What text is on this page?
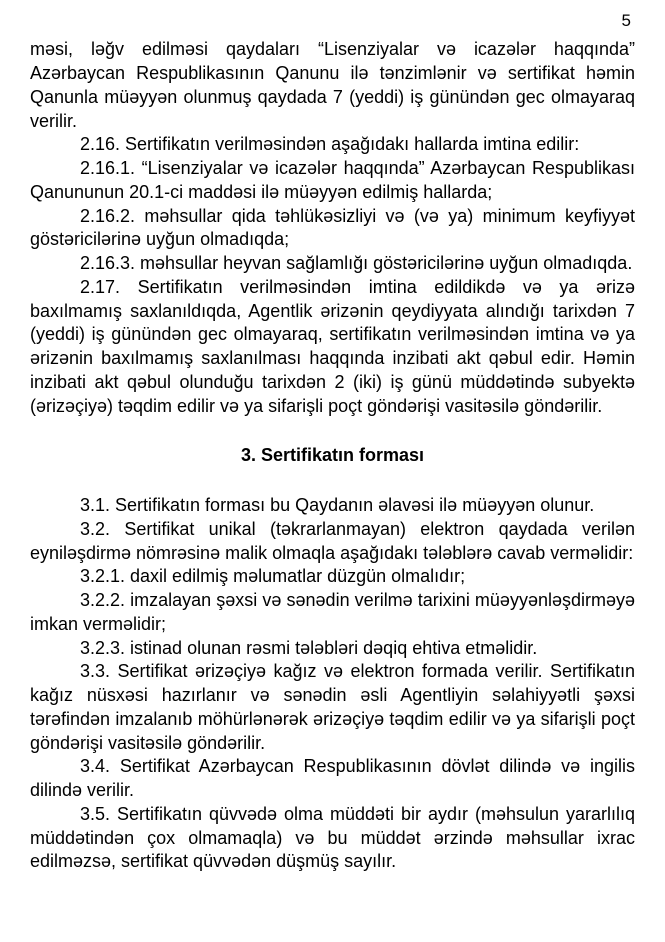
5

məsi, ləğv edilməsi qaydaları “Lisenziyalar və icazələr haqqında” Azərbaycan Respublikasının Qanunu ilə tənzimlənir və sertifikat həmin Qanunla müəyyən olunmuş qaydada 7 (yeddi) iş günündən gec olmayaraq verilir.

2.16. Sertifikatın verilməsindən aşağıdakı hallarda imtina edilir:

2.16.1. “Lisenziyalar və icazələr haqqında” Azərbaycan Respublikası Qanununun 20.1-ci maddəsi ilə müəyyən edilmiş hallarda;

2.16.2. məhsullar qida təhlükəsizliyi və (və ya) minimum keyfiyyət göstəricilərinə uyğun olmadıqda;

2.16.3. məhsullar heyvan sağlamlığı göstəricilərinə uyğun olmadıqda.

2.17. Sertifikatın verilməsindən imtina edildikdə və ya ərizə baxılmamış saxlanıldıqda, Agentlik ərizənin qeydiyyata alındığı tarixdən 7 (yeddi) iş günündən gec olmayaraq, sertifikatın verilməsindən imtina və ya ərizənin baxılmamış saxlanılması haqqında inzibati akt qəbul edir. Həmin inzibati akt qəbul olunduğu tarixdən 2 (iki) iş günü müddətində subyektə (ərizəçiyə) təqdim edilir və ya sifarişli poçt göndərişi vasitəsilə göndərilir.

3. Sertifikatın forması

3.1. Sertifikatın forması bu Qaydanın əlavəsi ilə müəyyən olunur.

3.2. Sertifikat unikal (təkrarlanmayan) elektron qaydada verilən eyniləşdirmə nömrəsinə malik olmaqla aşağıdakı tələblərə cavab verməlidir:

3.2.1. daxil edilmiş məlumatlar düzgün olmalıdır;

3.2.2. imzalayan şəxsi və sənədin verilmə tarixini müəyyənləşdirməyə imkan verməlidir;

3.2.3. istinad olunan rəsmi tələbləri dəqiq ehtiva etməlidir.

3.3. Sertifikat ərizəçiyə kağız və elektron formada verilir. Sertifikatın kağız nüsxəsi hazırlanır və sənədin əsli Agentliyin səlahiyyətli şəxsi tərəfindən imzalanıb möhürlənərək ərizəçiyə təqdim edilir və ya sifarişli poçt göndərişi vasitəsilə göndərilir.

3.4. Sertifikat Azərbaycan Respublikasının dövlət dilində və ingilis dilində verilir.

3.5. Sertifikatın qüvvədə olma müddəti bir aydır (məhsulun yararlılıq müddətindən çox olmamaqla) və bu müddət ərzində məhsullar ixrac edilməzsə, sertifikat qüvvədən düşmüş sayılır.
